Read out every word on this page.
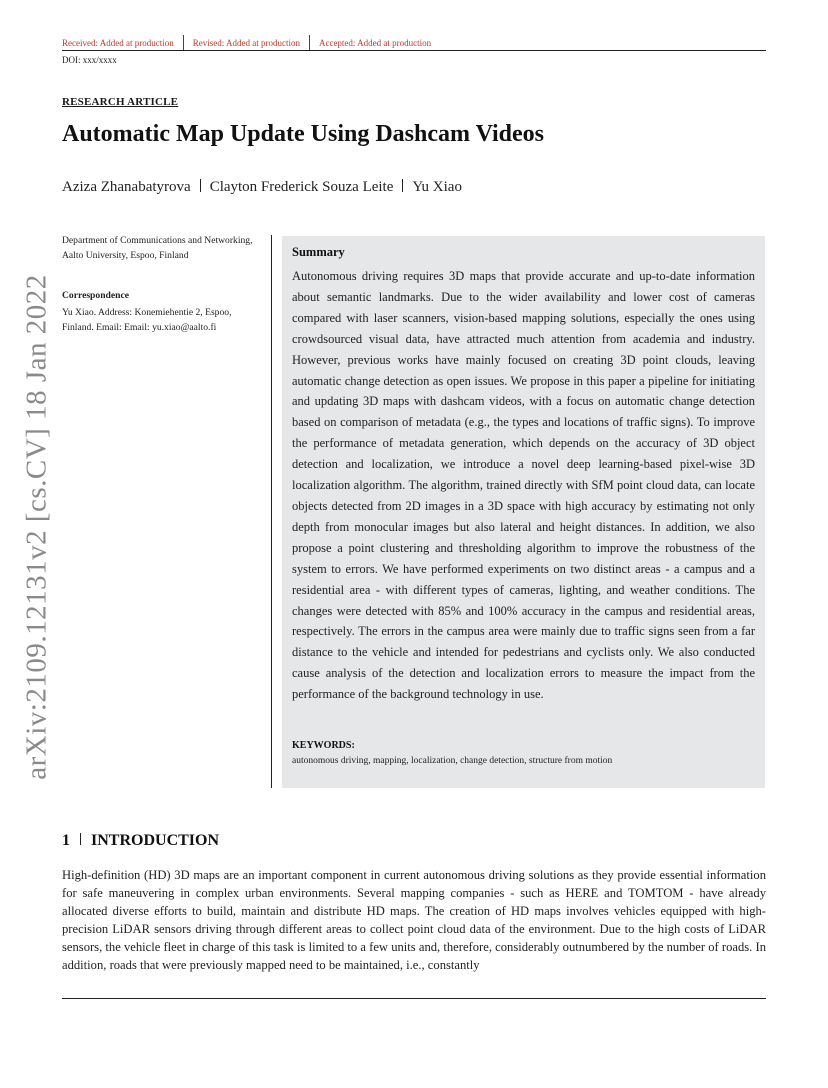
Received: Added at production Revised: Added at production Accepted: Added at production
DOI: xxx/xxxx
RESEARCH ARTICLE
Automatic Map Update Using Dashcam Videos
Aziza Zhanabatyrova Clayton Frederick Souza Leite Yu Xiao
Department of Communications and Networking, Aalto University, Espoo, Finland
Correspondence
Yu Xiao. Address: Konemiehentie 2, Espoo, Finland. Email: Email: yu.xiao@aalto.fi
arXiv:2109.12131v2 [cs.CV] 18 Jan 2022
Summary
Autonomous driving requires 3D maps that provide accurate and up-to-date information about semantic landmarks. Due to the wider availability and lower cost of cameras compared with laser scanners, vision-based mapping solutions, especially the ones using crowdsourced visual data, have attracted much attention from academia and industry. However, previous works have mainly focused on creating 3D point clouds, leaving automatic change detection as open issues. We propose in this paper a pipeline for initiating and updating 3D maps with dashcam videos, with a focus on automatic change detection based on comparison of metadata (e.g., the types and locations of traffic signs). To improve the performance of metadata generation, which depends on the accuracy of 3D object detection and localization, we introduce a novel deep learning-based pixel-wise 3D localization algorithm. The algorithm, trained directly with SfM point cloud data, can locate objects detected from 2D images in a 3D space with high accuracy by estimating not only depth from monocular images but also lateral and height distances. In addition, we also propose a point clustering and thresholding algorithm to improve the robustness of the system to errors. We have performed experiments on two distinct areas - a campus and a residential area - with different types of cameras, lighting, and weather conditions. The changes were detected with 85% and 100% accuracy in the campus and residential areas, respectively. The errors in the campus area were mainly due to traffic signs seen from a far distance to the vehicle and intended for pedestrians and cyclists only. We also conducted cause analysis of the detection and localization errors to measure the impact from the performance of the background technology in use.
KEYWORDS:
autonomous driving, mapping, localization, change detection, structure from motion
1 INTRODUCTION
High-definition (HD) 3D maps are an important component in current autonomous driving solutions as they provide essential information for safe maneuvering in complex urban environments. Several mapping companies - such as HERE and TOMTOM - have already allocated diverse efforts to build, maintain and distribute HD maps. The creation of HD maps involves vehicles equipped with high-precision LiDAR sensors driving through different areas to collect point cloud data of the environment. Due to the high costs of LiDAR sensors, the vehicle fleet in charge of this task is limited to a few units and, therefore, considerably outnumbered by the number of roads. In addition, roads that were previously mapped need to be maintained, i.e., constantly
